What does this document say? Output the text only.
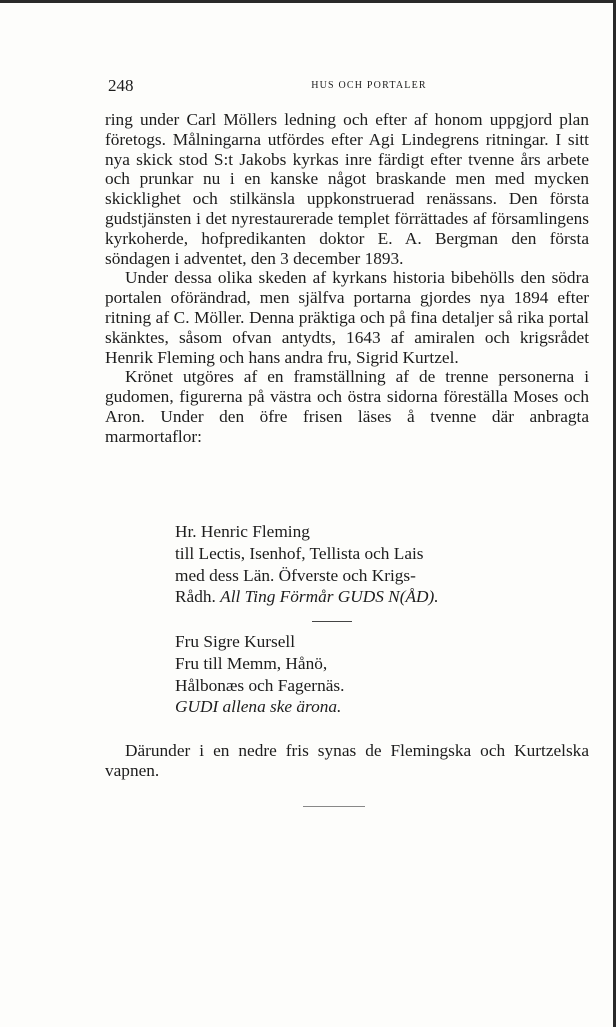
248	HUS OCH PORTALER

ring under Carl Möllers ledning och efter af honom uppgjord plan företogs. Målningarna utfördes efter Agi Lindegrens ritningar. I sitt nya skick stod S:t Jakobs kyrkas inre färdigt efter tvenne års arbete och prunkar nu i en kanske något braskande men med mycken skicklighet och stilkänsla uppkonstruerad renässans. Den första gudstjänsten i det nyrestaurerade templet förrättades af församlingens kyrkoherde, hofpredikanten doktor E. A. Bergman den första söndagen i adventet, den 3 december 1893.

Under dessa olika skeden af kyrkans historia bibehölls den södra portalen oförändrad, men själfva portarna gjordes nya 1894 efter ritning af C. Möller. Denna präktiga och på fina detaljer så rika portal skänktes, såsom ofvan antydts, 1643 af amiralen och krigsrådet Henrik Fleming och hans andra fru, Sigrid Kurtzel.

Krönet utgöres af en framställning af de trenne personerna i gudomen, figurerna på västra och östra sidorna föreställa Moses och Aron. Under den öfre frisen läses å tvenne där anbragta marmortaflor:

Hr. Henric Fleming
till Lectis, Isenhof, Tellista och Lais
med dess Län. Öfverste och Krigs-
Rådh. All Ting Förmår GUDS N(ÅD).
Fru Sigre Kursell
Fru till Memm, Hånö,
Hålbonæs och Fagernäs.
GUDI allena ske ärona.

Därunder i en nedre fris synas de Flemingska och Kurtzelska vapnen.
